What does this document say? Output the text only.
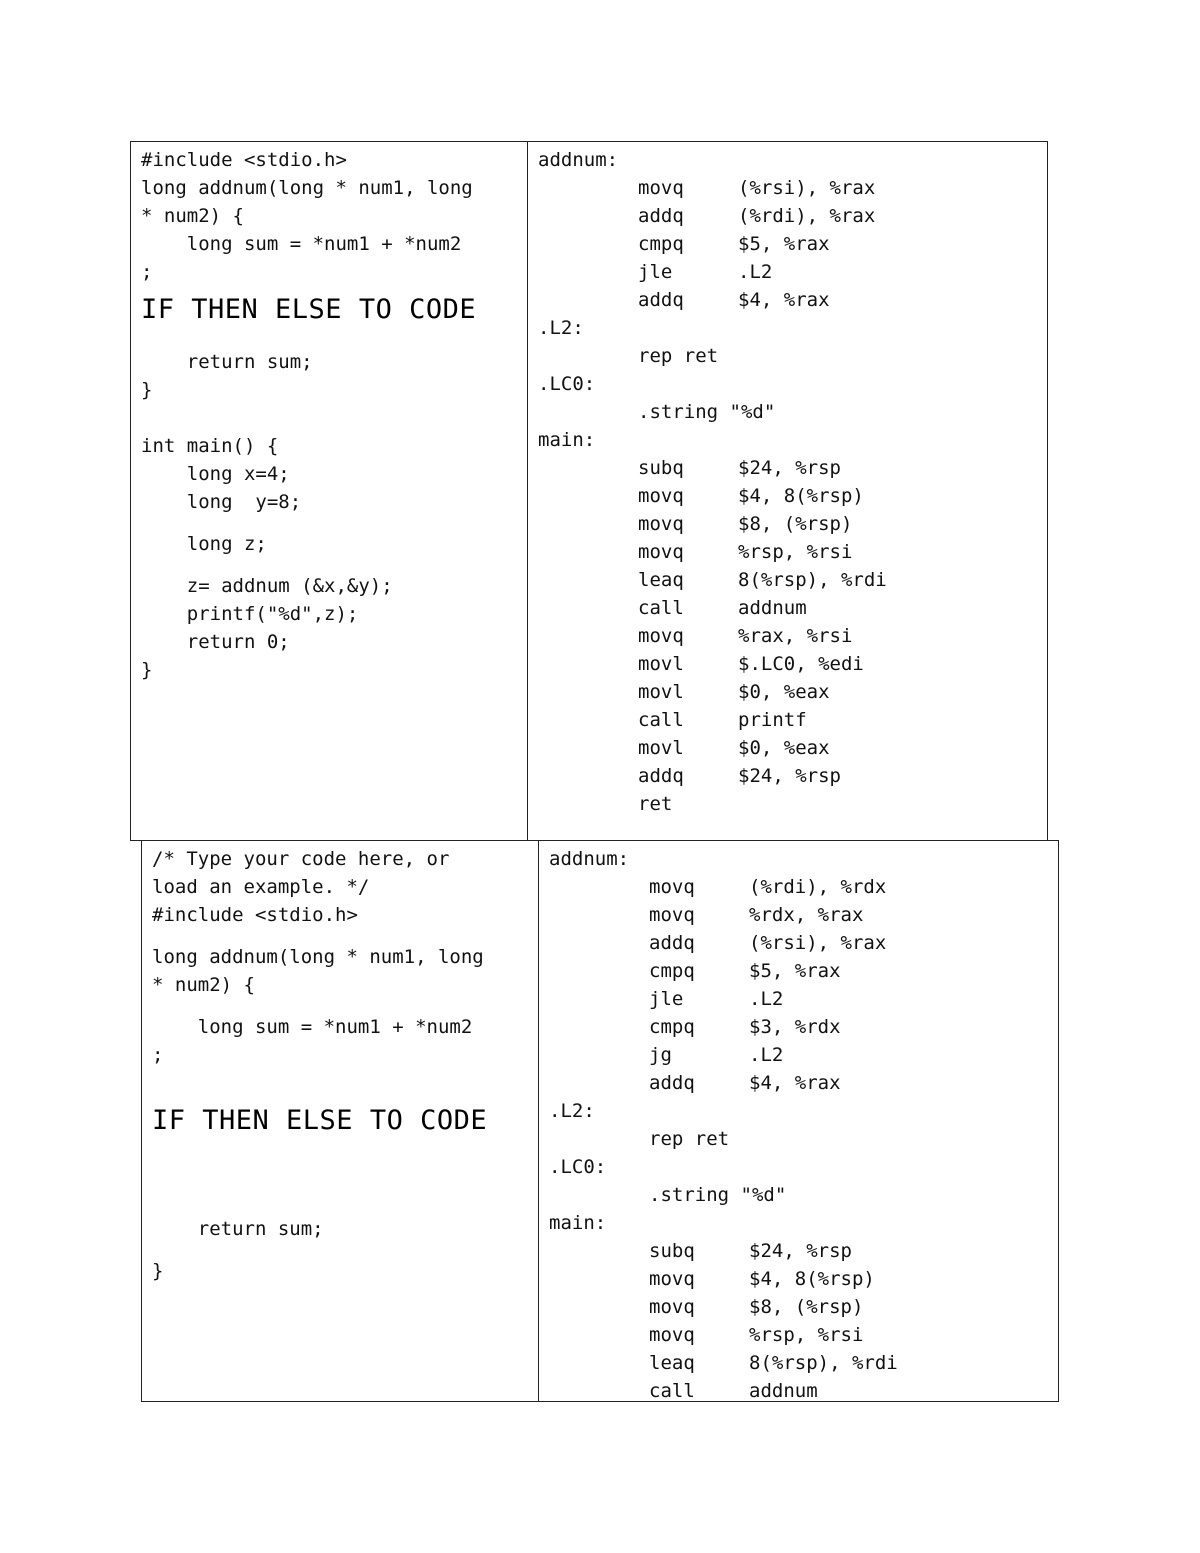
#include <stdio.h>
long addnum(long * num1, long
* num2) {
long sum = *num1 + *num2
;
IF THEN ELSE TO CODE
return sum;
}
int main() {
long x=4;
long  y=8;
long z;
z= addnum (&x,&y);
printf("%d",z);
return 0;
}
addnum:
movq	(%rsi), %rax
addq	(%rdi), %rax
cmpq	$5, %rax
jle	.L2
addq	$4, %rax
.L2:
rep ret
.LC0:
.string "%d"
main:
subq	$24, %rsp
movq	$4, 8(%rsp)
movq	$8, (%rsp)
movq	%rsp, %rsi
leaq	8(%rsp), %rdi
call	addnum
movq	%rax, %rsi
movl	$.LC0, %edi
movl	$0, %eax
call	printf
movl	$0, %eax
addq	$24, %rsp
ret
/* Type your code here, or
load an example. */
#include <stdio.h>
long addnum(long * num1, long
* num2) {
long sum = *num1 + *num2
;
IF THEN ELSE TO CODE
return sum;
}
addnum:
movq	(%rdi), %rdx
movq	%rdx, %rax
addq	(%rsi), %rax
cmpq	$5, %rax
jle	.L2
cmpq	$3, %rdx
jg	.L2
addq	$4, %rax
.L2:
rep ret
.LC0:
.string "%d"
main:
subq	$24, %rsp
movq	$4, 8(%rsp)
movq	$8, (%rsp)
movq	%rsp, %rsi
leaq	8(%rsp), %rdi
call	addnum
